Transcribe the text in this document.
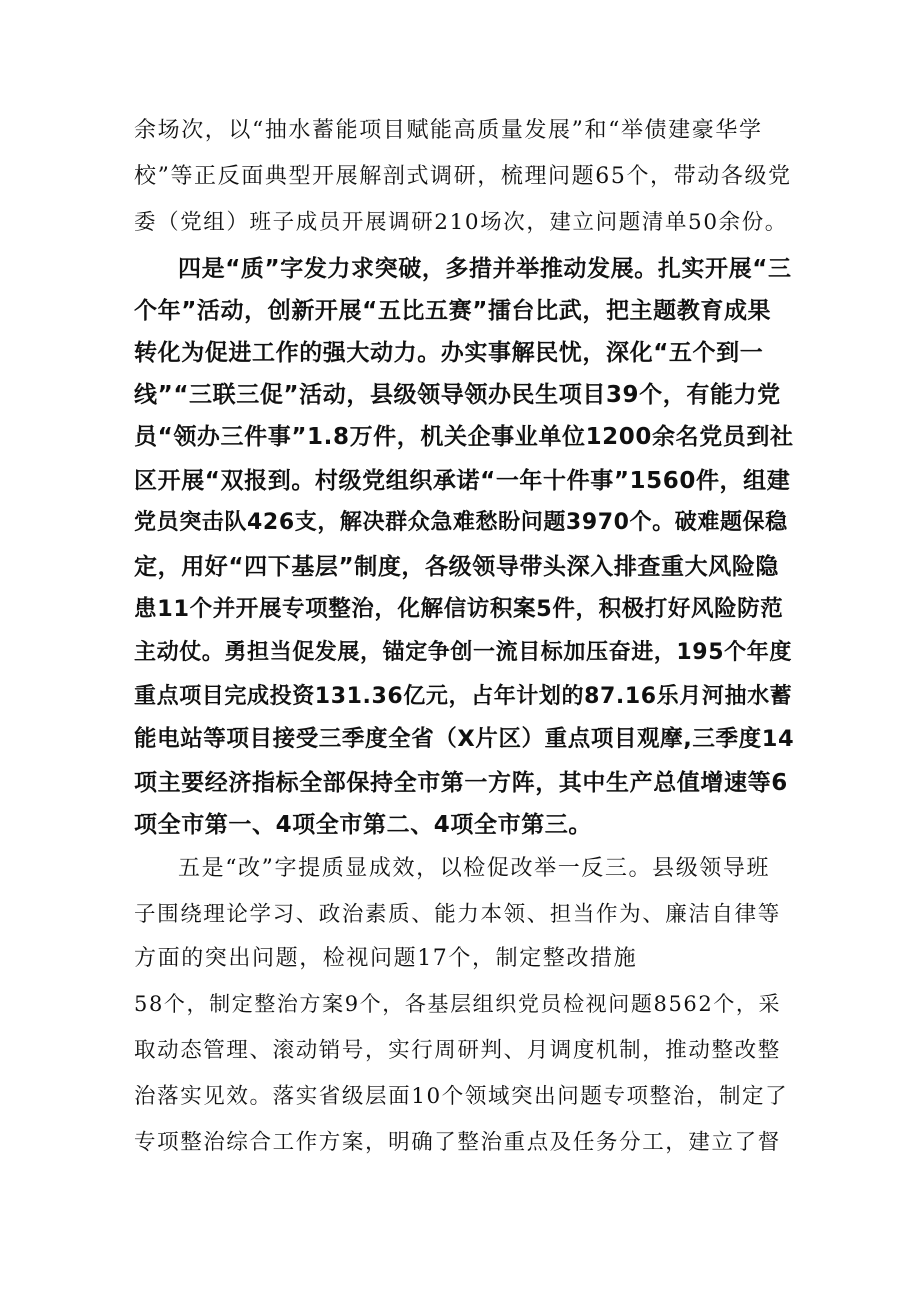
余场次，以“抽水蓄能项目赋能高质量发展”和“举债建豪华学
校”等正反面典型开展解剖式调研，梳理问题65个，带动各级党
委（党组）班子成员开展调研210场次，建立问题清单50余份。
四是“质”字发力求突破，多措并举推动发展。扎实开展“三
个年”活动，创新开展“五比五赛”擂台比武，把主题教育成果
转化为促进工作的强大动力。办实事解民忧，深化“五个到一
线”“三联三促”活动，县级领导领办民生项目39个，有能力党
员“领办三件事”1.8万件，机关企事业单位1200余名党员到社
区开展“双报到。村级党组织承诺“一年十件事”1560件，组建
党员突击队426支，解决群众急难愁盼问题3970个。破难题保稳
定，用好“四下基层”制度，各级领导带头深入排查重大风险隐
患11个并开展专项整治，化解信访积案5件，积极打好风险防范
主动仗。勇担当促发展，锚定争创一流目标加压奋进，195个年度
重点项目完成投资131.36亿元，占年计划的87.16乐月河抽水蓄
能电站等项目接受三季度全省（X片区）重点项目观摩,三季度14
项主要经济指标全部保持全市第一方阵，其中生产总值增速等6
项全市第一、4项全市第二、4项全市第三。
五是“改”字提质显成效，以检促改举一反三。县级领导班
子围绕理论学习、政治素质、能力本领、担当作为、廉洁自律等
方面的突出问题，检视问题17个，制定整改措施
58个，制定整治方案9个，各基层组织党员检视问题8562个，采
取动态管理、滚动销号，实行周研判、月调度机制，推动整改整
治落实见效。落实省级层面10个领域突出问题专项整治，制定了
专项整治综合工作方案，明确了整治重点及任务分工，建立了督
